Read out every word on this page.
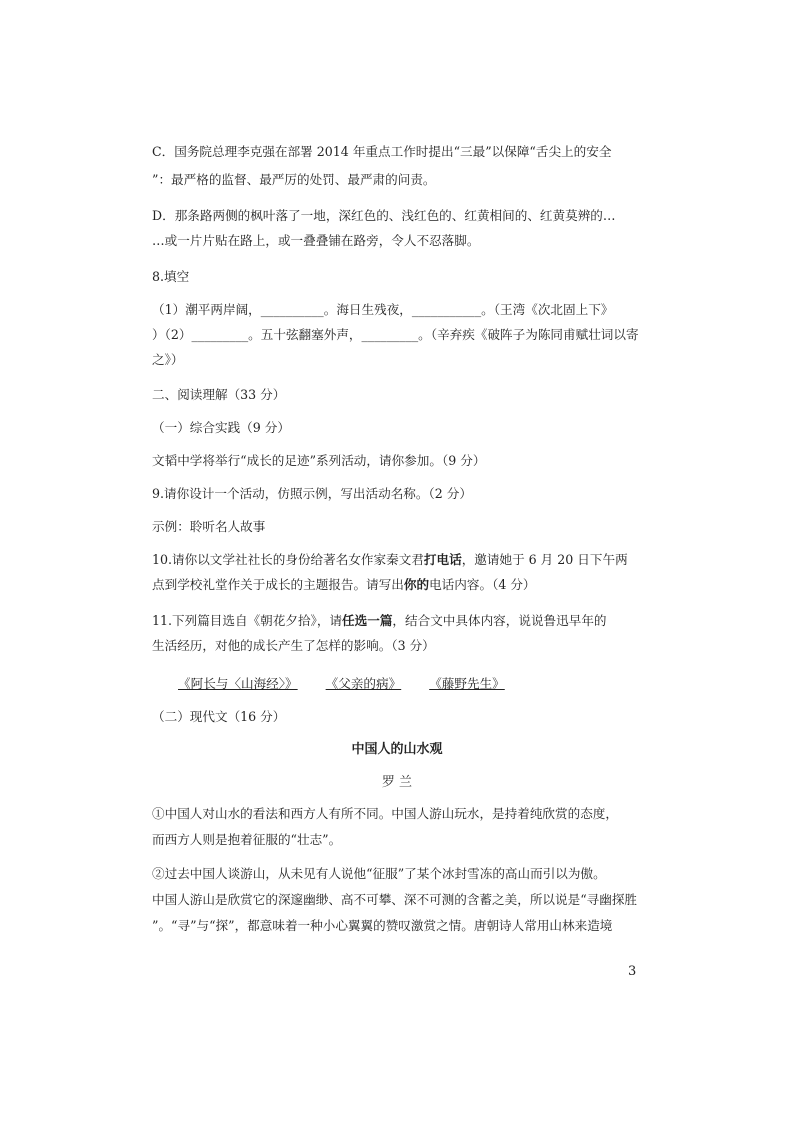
C．国务院总理李克强在部署 2014 年重点工作时提出“三最”以保障“舌尖上的安全
”：最严格的监督、最严厉的处罚、最严肃的问责。
D．那条路两侧的枫叶落了一地，深红色的、浅红色的、红黄相间的、红黄莫辨的…
…或一片片贴在路上，或一叠叠铺在路旁，令人不忍落脚。
8.填空
（1）潮平两岸阔，__________。海日生残夜，___________。（王湾《次北固上下》
）（2）_________。五十弦翻塞外声，_________。（辛弃疾《破阵子为陈同甫赋壮词以寄
之》）
二、阅读理解（33 分）
（一）综合实践（9 分）
文韬中学将举行“成长的足迹”系列活动，请你参加。（9 分）
9.请你设计一个活动，仿照示例，写出活动名称。（2 分）
示例：聆听名人故事
10.请你以文学社社长的身份给著名女作家秦文君打电话，邀请她于 6 月 20 日下午两
点到学校礼堂作关于成长的主题报告。请写出你的电话内容。（4 分）
11.下列篇目选自《朝花夕拾》，请任选一篇，结合文中具体内容，说说鲁迅早年的
生活经历，对他的成长产生了怎样的影响。（3 分）
《阿长与〈山海经〉》 《父亲的病》 《藤野先生》
（二）现代文（16 分）
中国人的山水观
罗 兰
①中国人对山水的看法和西方人有所不同。中国人游山玩水，是持着纯欣赏的态度，
而西方人则是抱着征服的“壮志”。
②过去中国人谈游山，从未见有人说他“征服”了某个冰封雪冻的高山而引以为傲。
中国人游山是欣赏它的深邃幽缈、高不可攀、深不可测的含蓄之美，所以说是“寻幽探胜
”。“寻”与“探”，都意味着一种小心翼翼的赞叹激赏之情。唐朝诗人常用山林来造境
3
